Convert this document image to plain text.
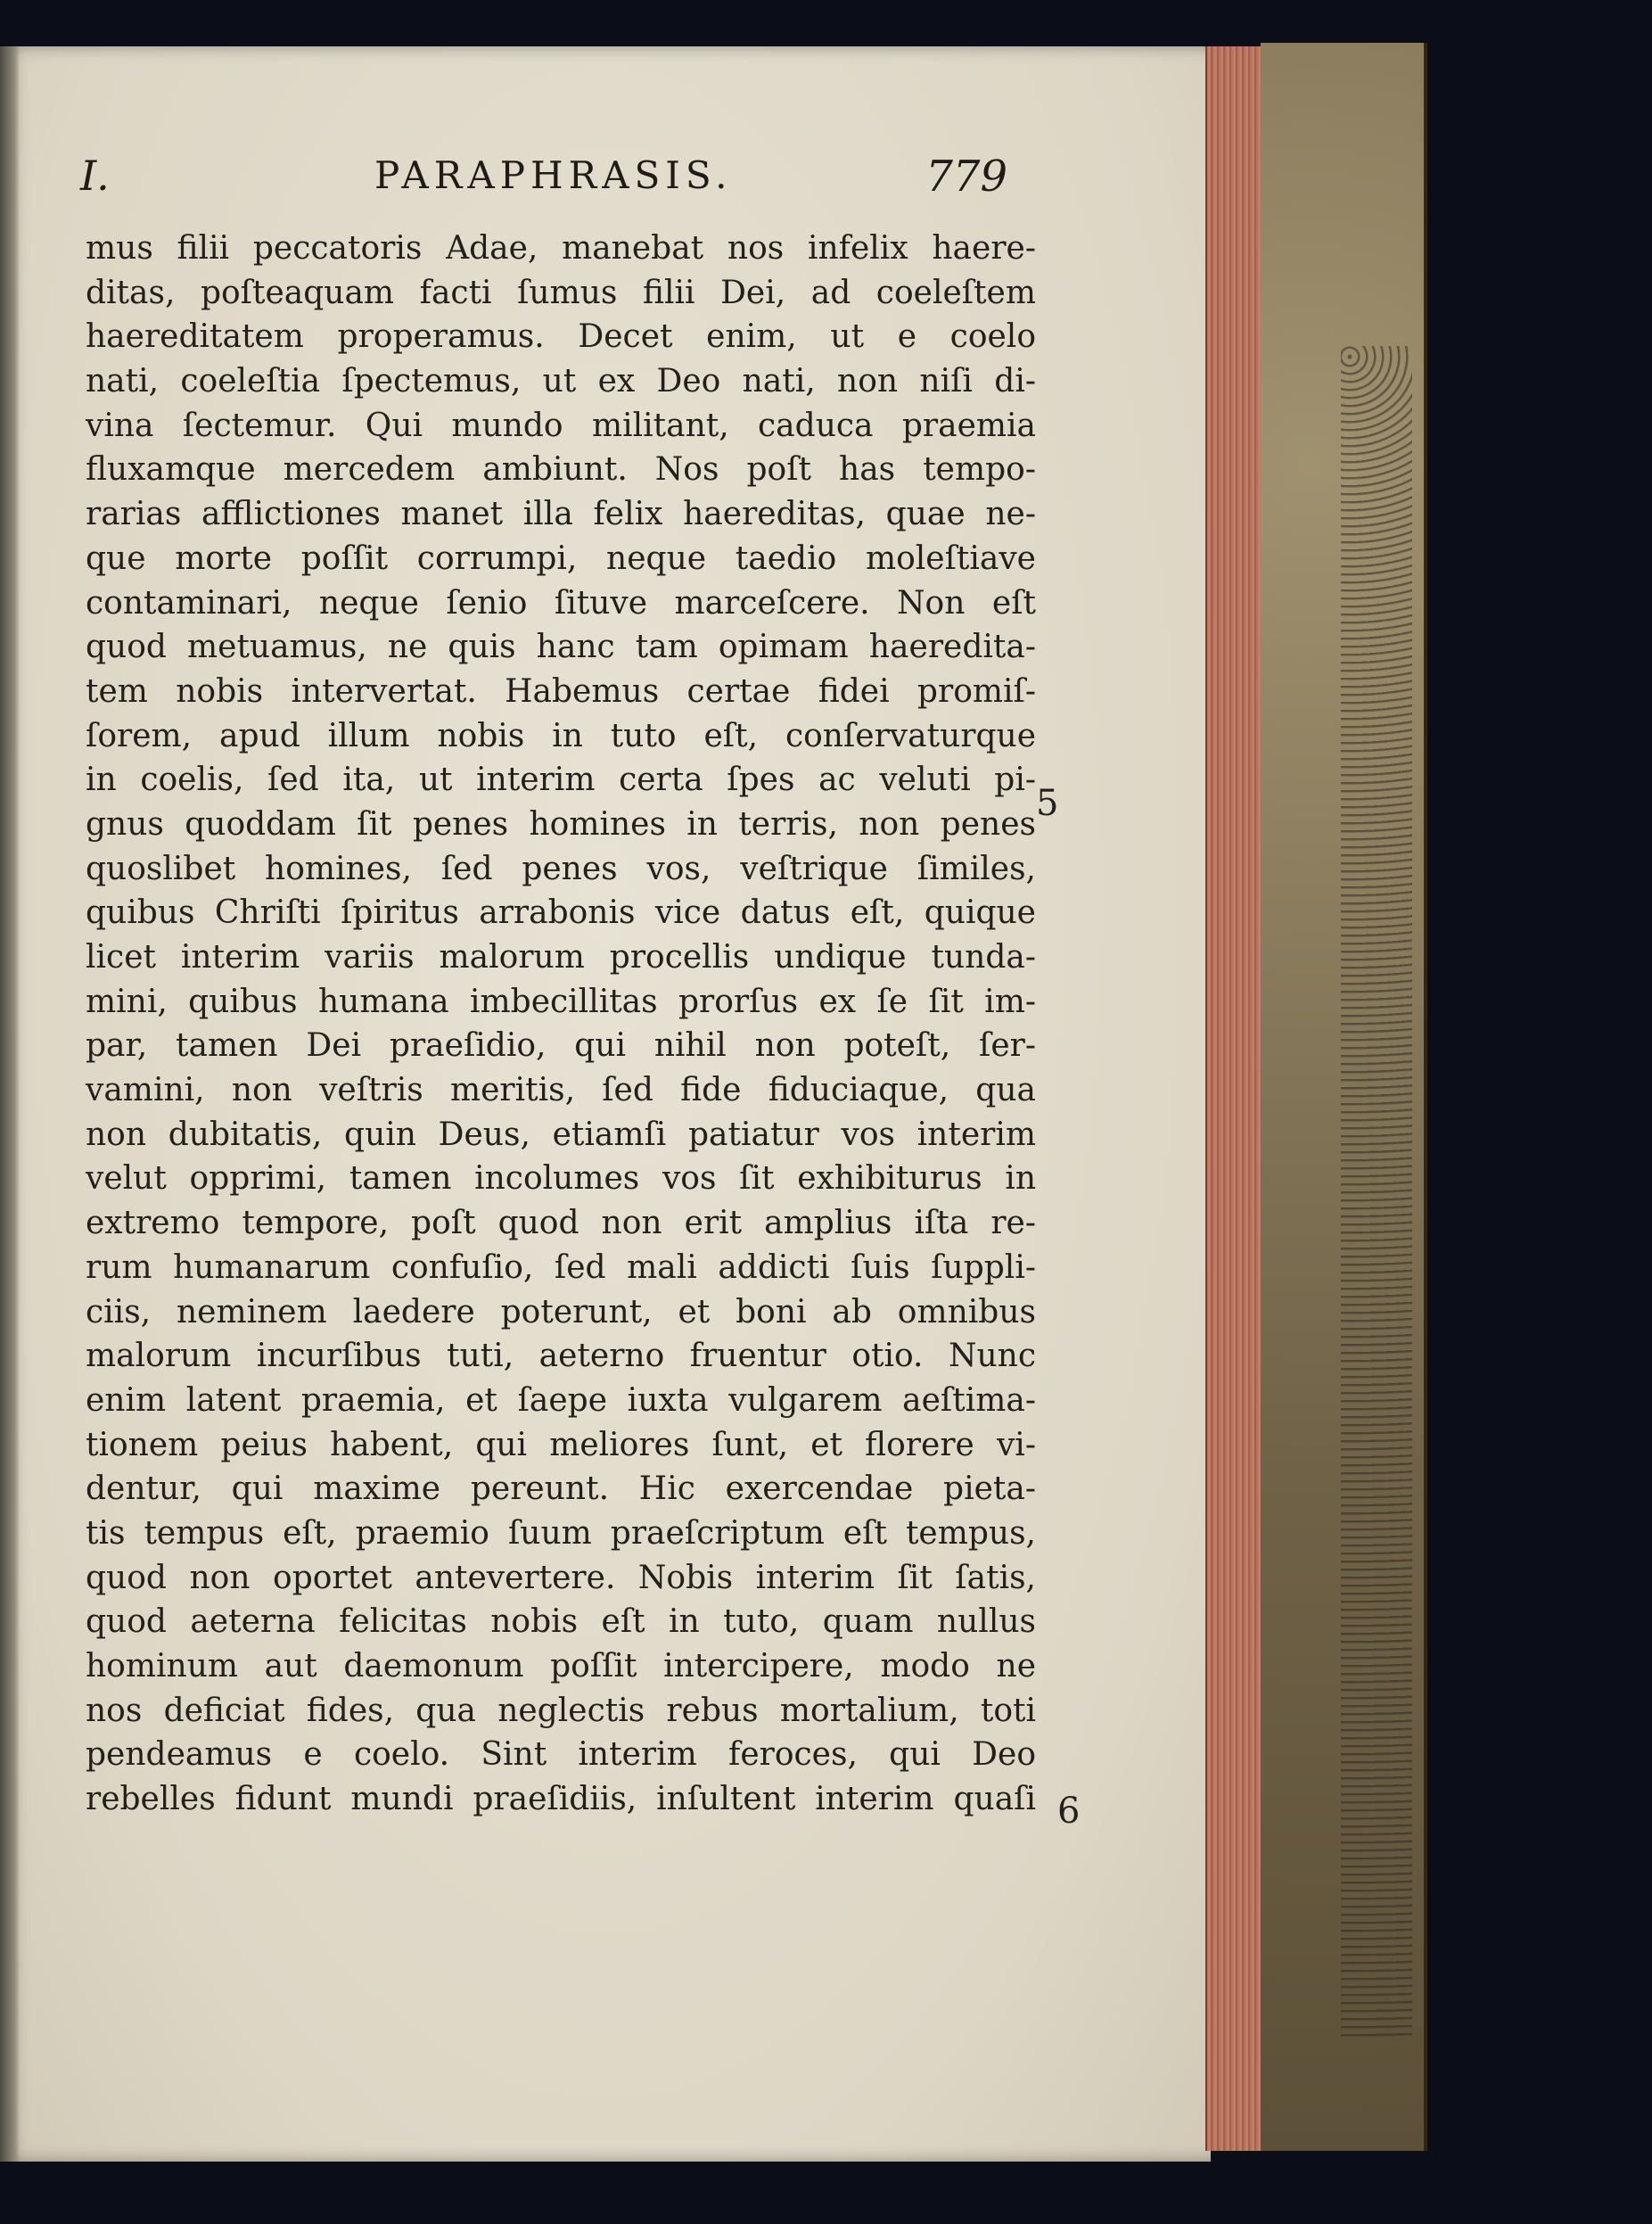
I.	PARAPHRASIS.	779
mus filii peccatoris Adae, manebat nos infelix haere-
ditas, poſteaquam facti ſumus filii Dei, ad coeleſtem
haereditatem properamus. Decet enim, ut e coelo
nati, coeleſtia ſpectemus, ut ex Deo nati, non niſi di-
vina ſectemur. Qui mundo militant, caduca praemia
fluxamque mercedem ambiunt. Nos poſt has tempo-
rarias afflictiones manet illa felix haereditas, quae ne-
que morte poſſit corrumpi, neque taedio moleſtiave
contaminari, neque ſenio ſituve marceſcere. Non eſt
quod metuamus, ne quis hanc tam opimam haeredita-
tem nobis intervertat. Habemus certae fidei promiſ-
ſorem, apud illum nobis in tuto eſt, conſervaturque
in coelis, ſed ita, ut interim certa ſpes ac veluti pi-
gnus quoddam ſit penes homines in terris, non penes
quoslibet homines, ſed penes vos, veſtrique ſimiles,
quibus Chriſti ſpiritus arrabonis vice datus eſt, quique
licet interim variis malorum procellis undique tunda-
mini, quibus humana imbecillitas prorſus ex ſe ſit im-
par, tamen Dei praeſidio, qui nihil non poteſt, ſer-
vamini, non veſtris meritis, ſed fide fiduciaque, qua
non dubitatis, quin Deus, etiamſi patiatur vos interim
velut opprimi, tamen incolumes vos ſit exhibiturus in
extremo tempore, poſt quod non erit amplius iſta re-
rum humanarum confuſio, ſed mali addicti ſuis ſuppli-
ciis, neminem laedere poterunt, et boni ab omnibus
malorum incurſibus tuti, aeterno fruentur otio. Nunc
enim latent praemia, et ſaepe iuxta vulgarem aeſtima-
tionem peius habent, qui meliores ſunt, et florere vi-
dentur, qui maxime pereunt. Hic exercendae pieta-
tis tempus eſt, praemio ſuum praeſcriptum eſt tempus,
quod non oportet antevertere. Nobis interim ſit ſatis,
quod aeterna felicitas nobis eſt in tuto, quam nullus
hominum aut daemonum poſſit intercipere, modo ne
nos deficiat fides, qua neglectis rebus mortalium, toti
pendeamus e coelo. Sint interim feroces, qui Deo
rebelles fidunt mundi praeſidiis, inſultent interim quaſi
5
6
